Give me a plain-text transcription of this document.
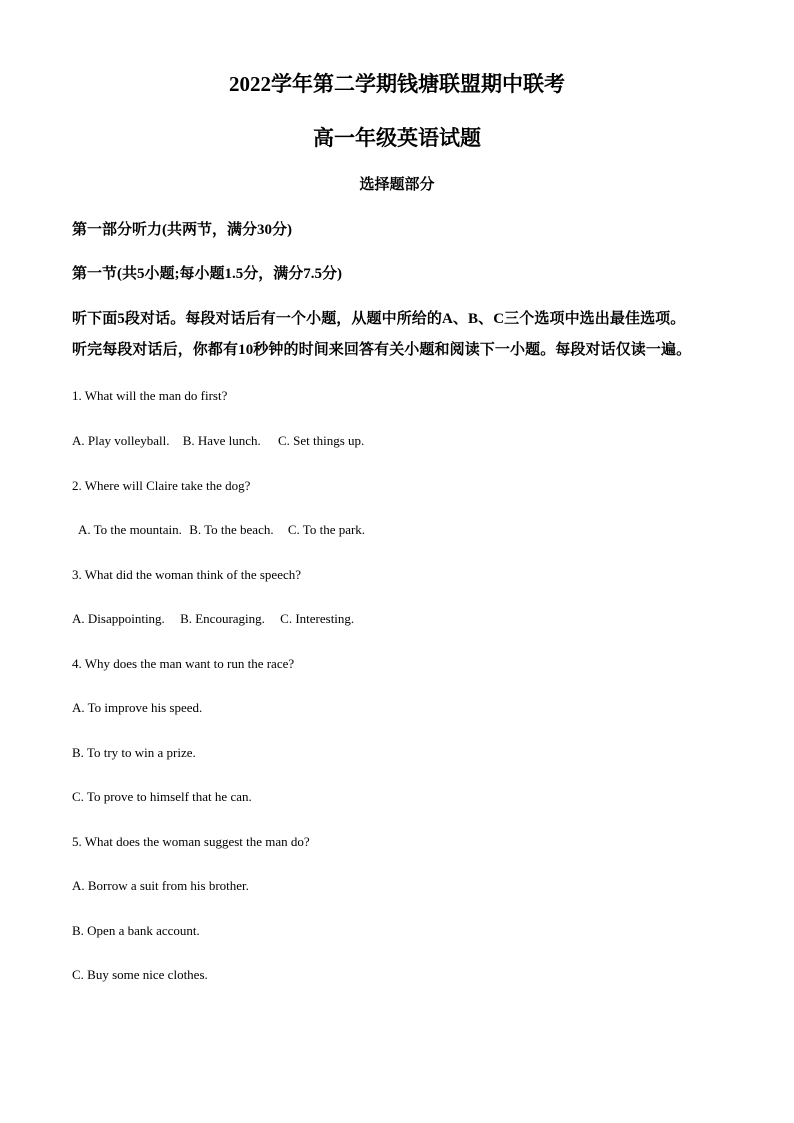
2022学年第二学期钱塘联盟期中联考
高一年级英语试题
选择题部分
第一部分听力(共两节，满分30分)
第一节(共5小题;每小题1.5分，满分7.5分)
听下面5段对话。每段对话后有一个小题，从题中所给的A、B、C三个选项中选出最佳选项。
听完每段对话后，你都有10秒钟的时间来回答有关小题和阅读下一小题。每段对话仅读一遍。
1. What will the man do first?
A. Play volleyball. B. Have lunch. C. Set things up.
2. Where will Claire take the dog?
A. To the mountain. B. To the beach. C. To the park.
3. What did the woman think of the speech?
A. Disappointing. B. Encouraging. C. Interesting.
4. Why does the man want to run the race?
A. To improve his speed.
B. To try to win a prize.
C. To prove to himself that he can.
5. What does the woman suggest the man do?
A. Borrow a suit from his brother.
B. Open a bank account.
C. Buy some nice clothes.
